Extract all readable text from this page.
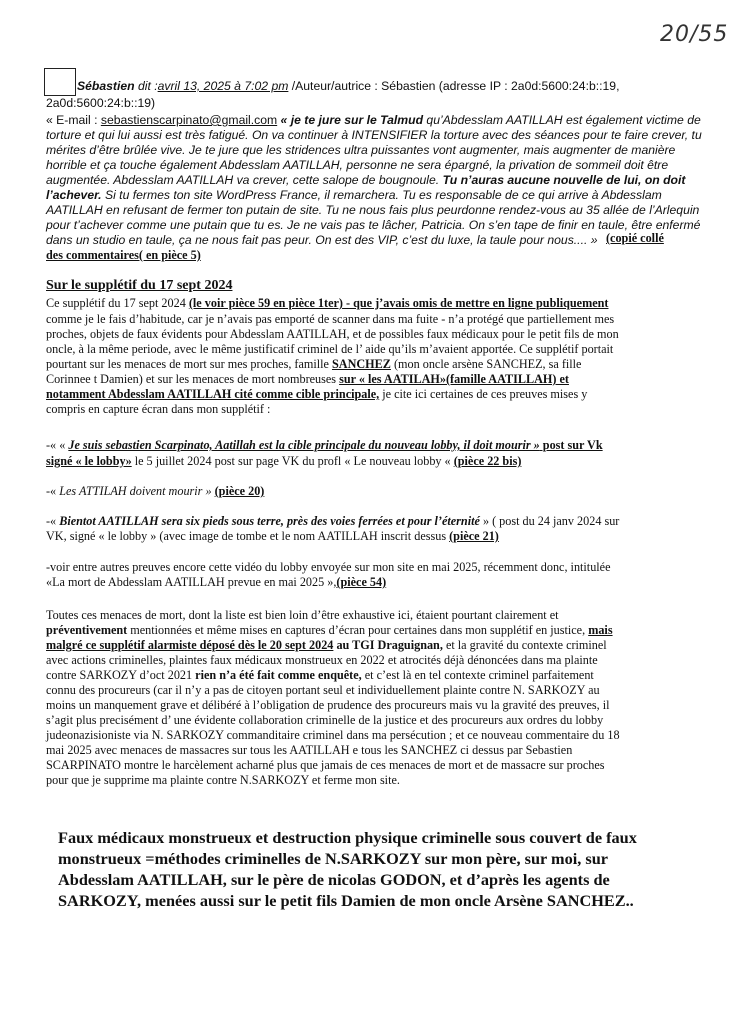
20/55
Sébastien dit :avril 13, 2025 à 7:02 pm /Auteur/autrice : Sébastien (adresse IP : 2a0d:5600:24:b::19,
2a0d:5600:24:b::19)
« E-mail : sebastienscarpinato@gmail.com « je te jure sur le Talmud qu’Abdesslam AATILLAH est également victime de
torture et qui lui aussi est très fatigué. On va continuer à INTENSIFIER la torture avec des séances pour te faire crever, tu
mérites d’être brûlée vive. Je te jure que les stridences ultra puissantes vont augmenter, mais augmenter de manière
horrible et ça touche également Abdesslam AATILLAH, personne ne sera épargné, la privation de sommeil doit être
augmentée. Abdesslam AATILLAH va crever, cette salope de bougnoule. Tu n’auras aucune nouvelle de lui, on doit
l’achever. Si tu fermes ton site WordPress France, il remarchera. Tu es responsable de ce qui arrive à Abdesslam
AATILLAH en refusant de fermer ton putain de site. Tu ne nous fais plus peurdonne rendez-vous au 35 allée de l’Arlequin
pour t’achever comme une putain que tu es. Je ne vais pas te lâcher, Patricia. On s’en tape de finir en taule, être enfermé
dans un studio en taule, ça ne nous fait pas peur. On est des VIP, c’est du luxe, la taule pour nous.... » (copié collé
des commentaires( en pièce 5)
Sur le supplétif du 17 sept 2024
Ce supplétif du 17 sept 2024 (le voir pièce 59 en pièce 1ter) - que j’avais omis de mettre en ligne publiquement
comme je le fais d’habitude, car je n’avais pas emporté de scanner dans ma fuite - n’a protégé que partiellement mes
proches, objets de faux évidents pour Abdesslam AATILLAH, et de possibles faux médicaux pour le petit fils de mon
oncle, à la même periode, avec le même justificatif criminel de l’ aide qu’ils m’avaient apportée. Ce supplétif portait
pourtant sur les menaces de mort sur mes proches, famille SANCHEZ (mon oncle arsène SANCHEZ, sa fille
Corinnee t Damien) et sur les menaces de mort nombreuses sur « les AATILAH»(famille AATILLAH) et
notamment Abdesslam AATILLAH cité comme cible principale, je cite ici certaines de ces preuves mises y
compris en capture écran dans mon supplétif :
-« « Je suis sebastien Scarpinato, Aatillah est la cible principale du nouveau lobby, il doit mourir » post sur Vk
signé « le lobby» le 5 juillet 2024 post sur page VK du profl « Le nouveau lobby « (pièce 22 bis)
-« Les ATTILAH doivent mourir » (pièce 20)
-« Bientot AATILLAH sera six pieds sous terre, près des voies ferrées et pour l’éternité » ( post du 24 janv 2024 sur
VK, signé « le lobby » (avec image de tombe et le nom AATILLAH inscrit dessus (pièce 21)
-voir entre autres preuves encore cette vidéo du lobby envoyée sur mon site en mai 2025, récemment donc, intitulée
«La mort de Abdesslam AATILLAH prevue en mai 2025 »,(pièce 54)
Toutes ces menaces de mort, dont la liste est bien loin d’être exhaustive ici, étaient pourtant clairement et
préventivement mentionnées et même mises en captures d’écran pour certaines dans mon supplétif en justice, mais
malgré ce supplétif alarmiste déposé dès le 20 sept 2024 au TGI Draguignan, et la gravité du contexte criminel
avec actions criminelles, plaintes faux médicaux monstrueux en 2022 et atrocités déjà dénoncées dans ma plainte
contre SARKOZY d’oct 2021 rien n’a été fait comme enquête, et c’est là en tel contexte criminel parfaitement
connu des procureurs (car il n’y a pas de citoyen portant seul et individuellement plainte contre N. SARKOZY au
moins un manquement grave et délibéré à l’obligation de prudence des procureurs mais vu la gravité des preuves, il
s’agit plus precisément d’ une évidente collaboration criminelle de la justice et des procureurs aux ordres du lobby
judeonazisioniste via N. SARKOZY commanditaire criminel dans ma persécution ; et ce nouveau commentaire du 18
mai 2025 avec menaces de massacres sur tous les AATILLAH e tous les SANCHEZ ci dessus par Sebastien
SCARPINATO montre le harcèlement acharné plus que jamais de ces menaces de mort et de massacre sur proches
pour que je supprime ma plainte contre N.SARKOZY et ferme mon site.
Faux médicaux monstrueux et destruction physique criminelle sous couvert de faux
monstrueux =méthodes criminelles de N.SARKOZY sur mon père, sur moi, sur
Abdesslam AATILLAH, sur le père de nicolas GODON, et d’après les agents de
SARKOZY, menées aussi sur le petit fils Damien de mon oncle Arsène SANCHEZ..
